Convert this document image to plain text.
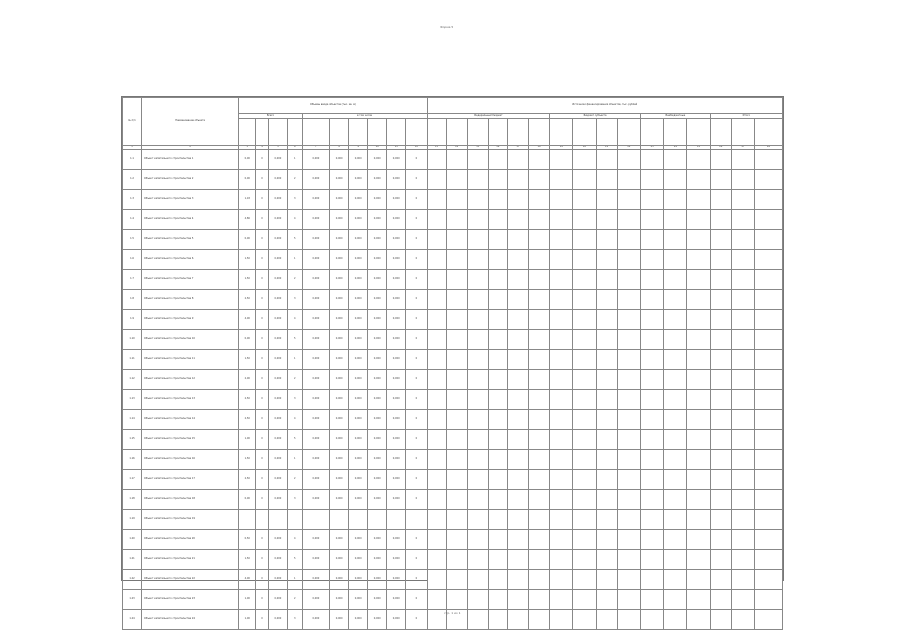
Форма 5
№ п/п	Наименование объекта	Объемы ввода объектов (тыс. кв. м)										Источники финансирования объектов, тыс. рублей															
		Всего				в том числе						Федеральный бюджет						Бюджет субъекта				Внебюджетные			Итого		

1	2	3	4	5	6	7	8	9	10	11	12	13	14	15	16	17	18	19	20	21	22	23	24	25	26	27	28
1.1	Объект капитального строительства 1	0,00	0	0,000	1	0,000	0,000	0,000	0,000	0,000	0																
1.2	Объект капитального строительства 2	0,00	0	0,000	2	0,000	0,000	0,000	0,000	0,000	0																
1.3	Объект капитального строительства 3	1,18	0	0,000	3	0,000	0,000	0,000	0,000	0,000	0																
1.4	Объект капитального строительства 4	4,86	0	0,000	4	0,000	0,000	0,000	0,000	0,000	0																
1.5	Объект капитального строительства 5	0,00	0	0,000	5	0,000	0,000	0,000	0,000	0,000	0																
1.6	Объект капитального строительства 6	1,50	0	0,000	1	0,000	0,000	0,000	0,000	0,000	0																
1.7	Объект капитального строительства 7	1,50	0	0,000	2	0,000	0,000	0,000	0,000	0,000	0																
1.8	Объект капитального строительства 8	2,50	0	0,000	3	0,000	0,000	0,000	0,000	0,000	0																
1.9	Объект капитального строительства 9	4,00	0	0,000	4	0,000	0,000	0,000	0,000	0,000	0																
1.10	Объект капитального строительства 10	0,00	0	0,000	5	0,000	0,000	0,000	0,000	0,000	0																
1.11	Объект капитального строительства 11	1,50	0	0,000	1	0,000	0,000	0,000	0,000	0,000	0																
1.12	Объект капитального строительства 12	2,00	0	0,000	2	0,000	0,000	0,000	0,000	0,000	0																
1.13	Объект капитального строительства 13	2,50	0	0,000	3	0,000	0,000	0,000	0,000	0,000	0																
1.14	Объект капитального строительства 14	2,50	0	0,000	4	0,000	0,000	0,000	0,000	0,000	0																
1.15	Объект капитального строительства 15	1,00	0	0,000	5	0,000	0,000	0,000	0,000	0,000	0																
1.16	Объект капитального строительства 16	1,50	0	0,000	1	0,000	0,000	0,000	0,000	0,000	0																
1.17	Объект капитального строительства 17	2,50	0	0,000	2	0,000	0,000	0,000	0,000	0,000	0																
1.18	Объект капитального строительства 18	0,00	0	0,000	3	0,000	0,000	0,000	0,000	0,000	0																
1.19	Объект капитального строительства 19																										
1.20	Объект капитального строительства 20	0,50	0	0,000	4	0,000	0,000	0,000	0,000	0,000	0																
1.21	Объект капитального строительства 21	1,50	0	0,000	5	0,000	0,000	0,000	0,000	0,000	0																
1.22	Объект капитального строительства 22	4,00	0	0,000	1	0,000	0,000	0,000	0,000	0,000	0																
1.23	Объект капитального строительства 23	1,00	0	0,000	2	0,000	0,000	0,000	0,000	0,000	0																
1.24	Объект капитального строительства 24	1,00	0	0,000	3	0,000	0,000	0,000	0,000	0,000	0																
стр. 1 из 1
